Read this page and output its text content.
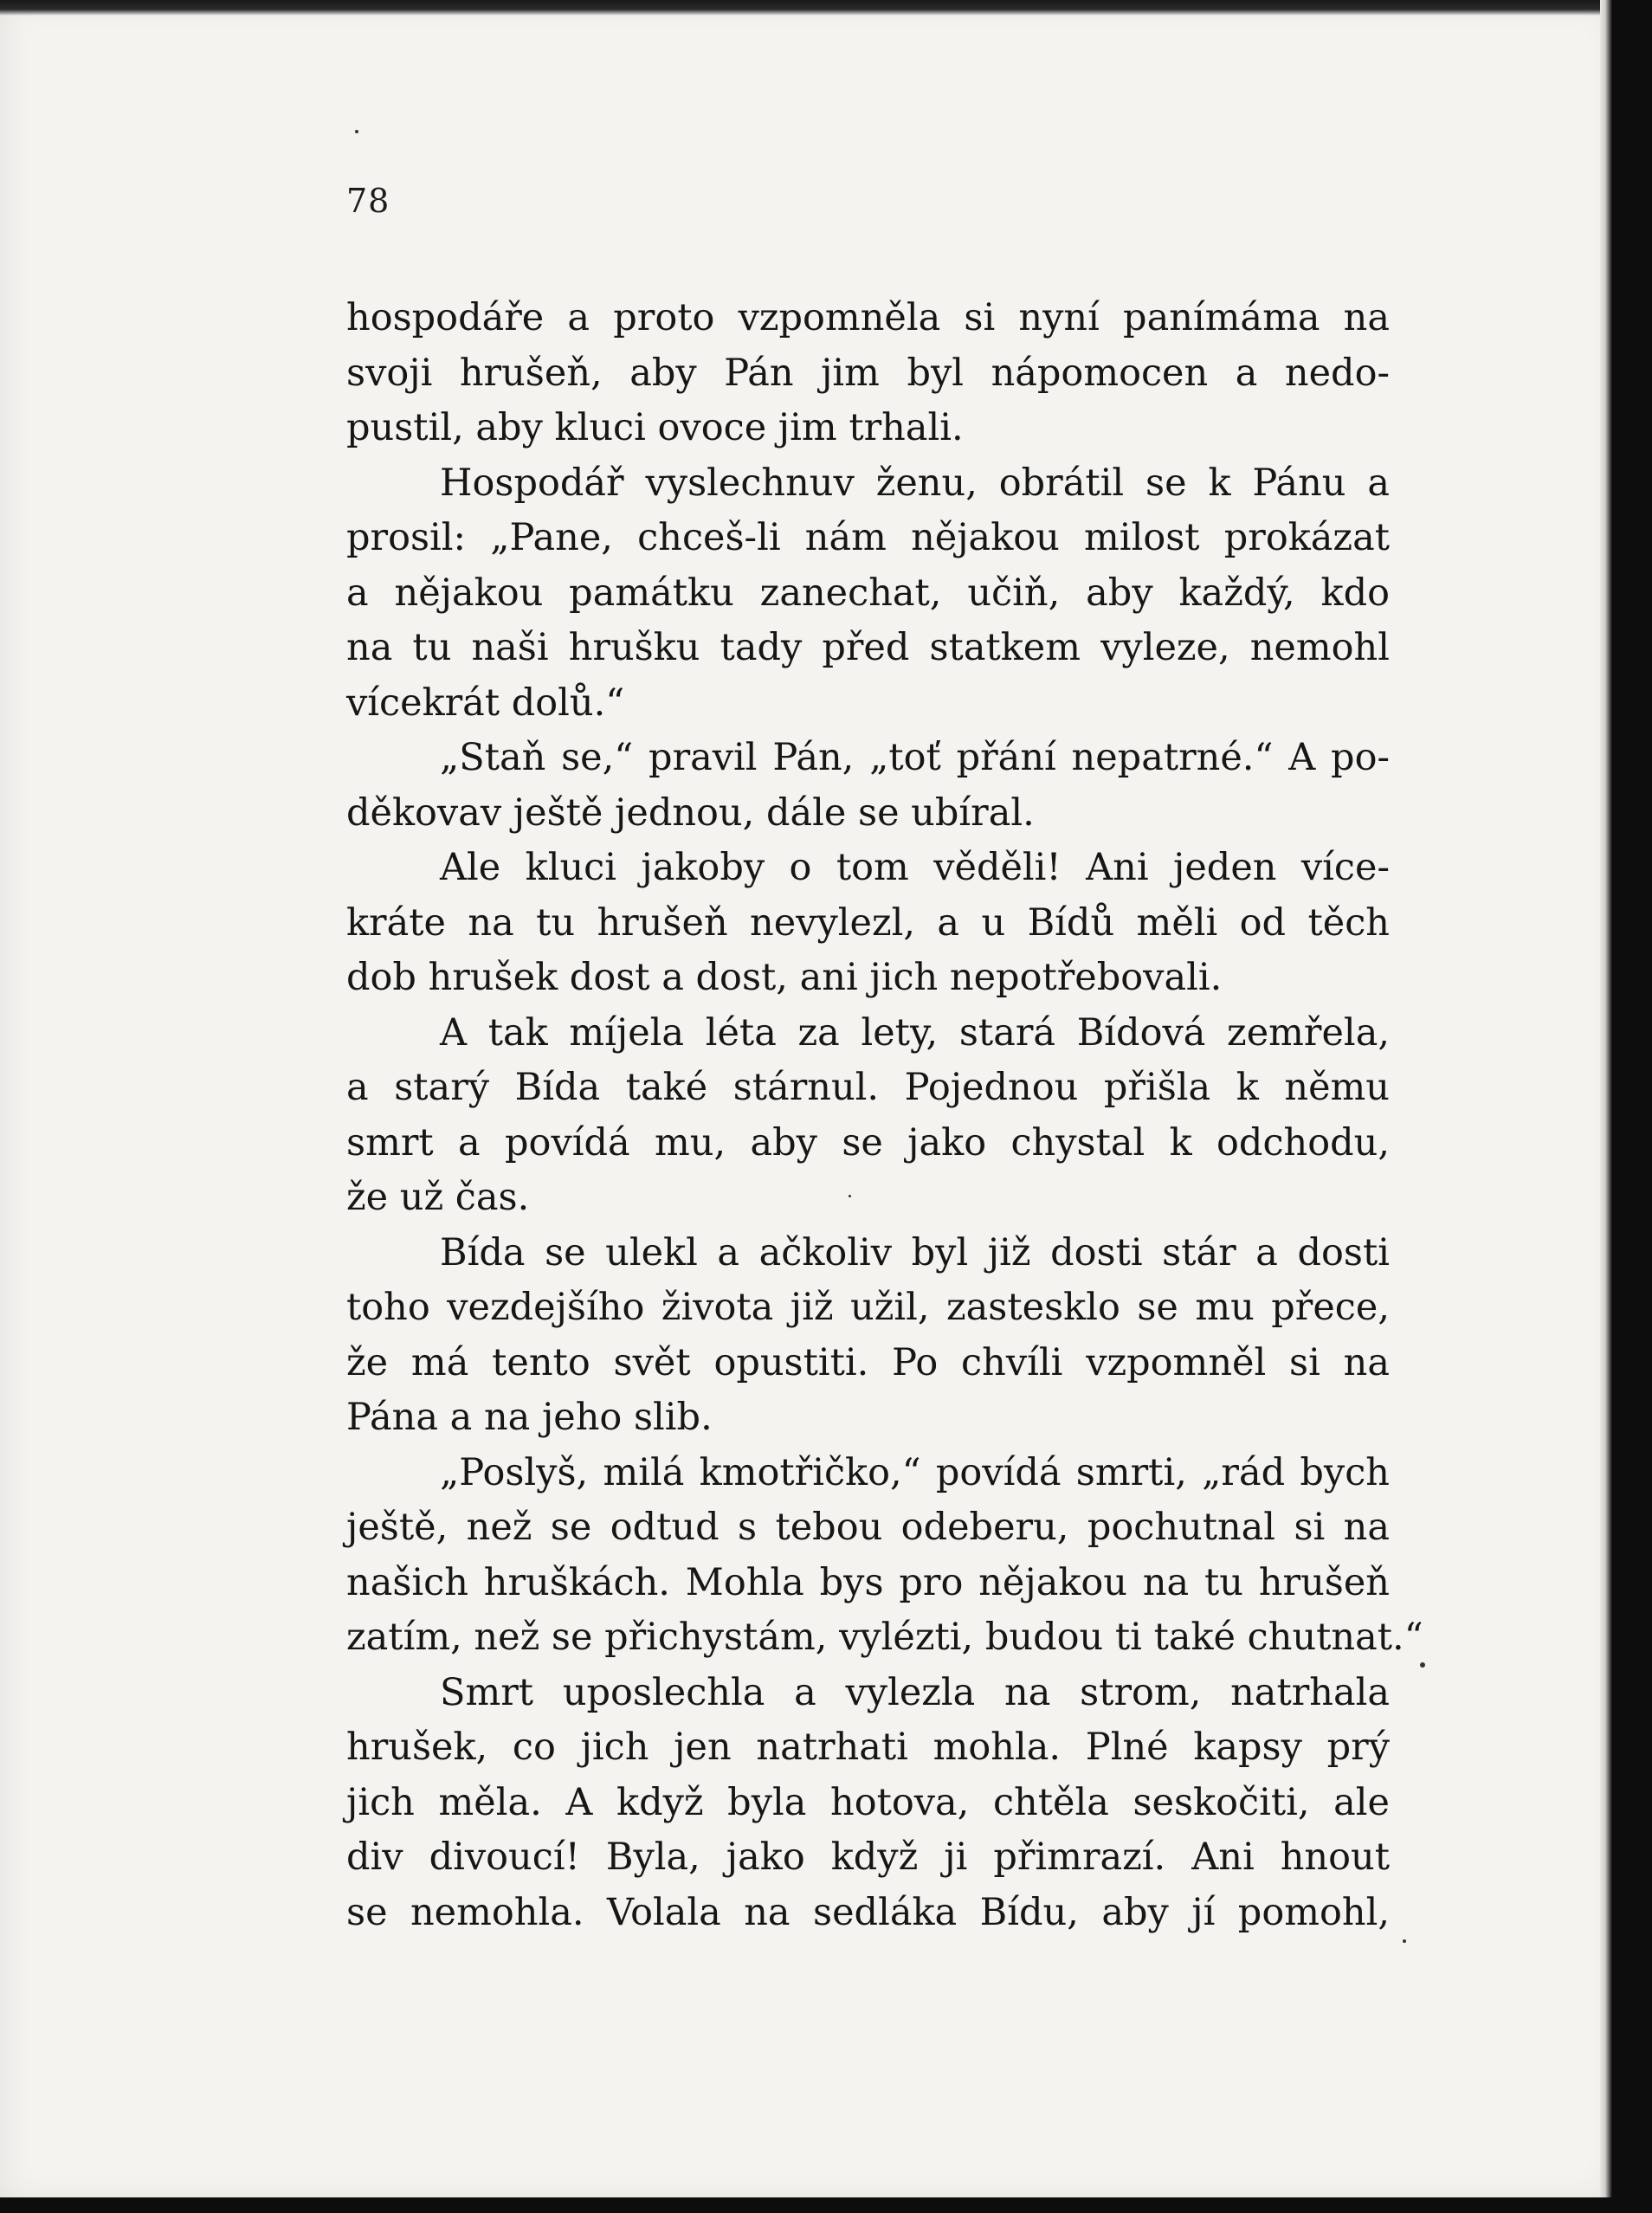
78
hospodáře a proto vzpomněla si nyní panímáma na
svoji hrušeň, aby Pán jim byl nápomocen a nedo-
pustil, aby kluci ovoce jim trhali.
Hospodář vyslechnuv ženu, obrátil se k Pánu a
prosil: „Pane, chceš-li nám nějakou milost prokázat
a nějakou památku zanechat, učiň, aby každý, kdo
na tu naši hrušku tady před statkem vyleze, nemohl
vícekrát dolů.“
„Staň se,“ pravil Pán, „toť přání nepatrné.“ A po-
děkovav ještě jednou, dále se ubíral.
Ale kluci jakoby o tom věděli! Ani jeden více-
kráte na tu hrušeň nevylezl, a u Bídů měli od těch
dob hrušek dost a dost, ani jich nepotřebovali.
A tak míjela léta za lety, stará Bídová zemřela,
a starý Bída také stárnul. Pojednou přišla k němu
smrt a povídá mu, aby se jako chystal k odchodu,
že už čas.
Bída se ulekl a ačkoliv byl již dosti stár a dosti
toho vezdejšího života již užil, zastesklo se mu přece,
že má tento svět opustiti. Po chvíli vzpomněl si na
Pána a na jeho slib.
„Poslyš, milá kmotřičko,“ povídá smrti, „rád bych
ještě, než se odtud s tebou odeberu, pochutnal si na
našich hruškách. Mohla bys pro nějakou na tu hrušeň
zatím, než se přichystám, vylézti, budou ti také chutnat.“
Smrt uposlechla a vylezla na strom, natrhala
hrušek, co jich jen natrhati mohla. Plné kapsy prý
jich měla. A když byla hotova, chtěla seskočiti, ale
div divoucí! Byla, jako když ji přimrazí. Ani hnout
se nemohla. Volala na sedláka Bídu, aby jí pomohl,
